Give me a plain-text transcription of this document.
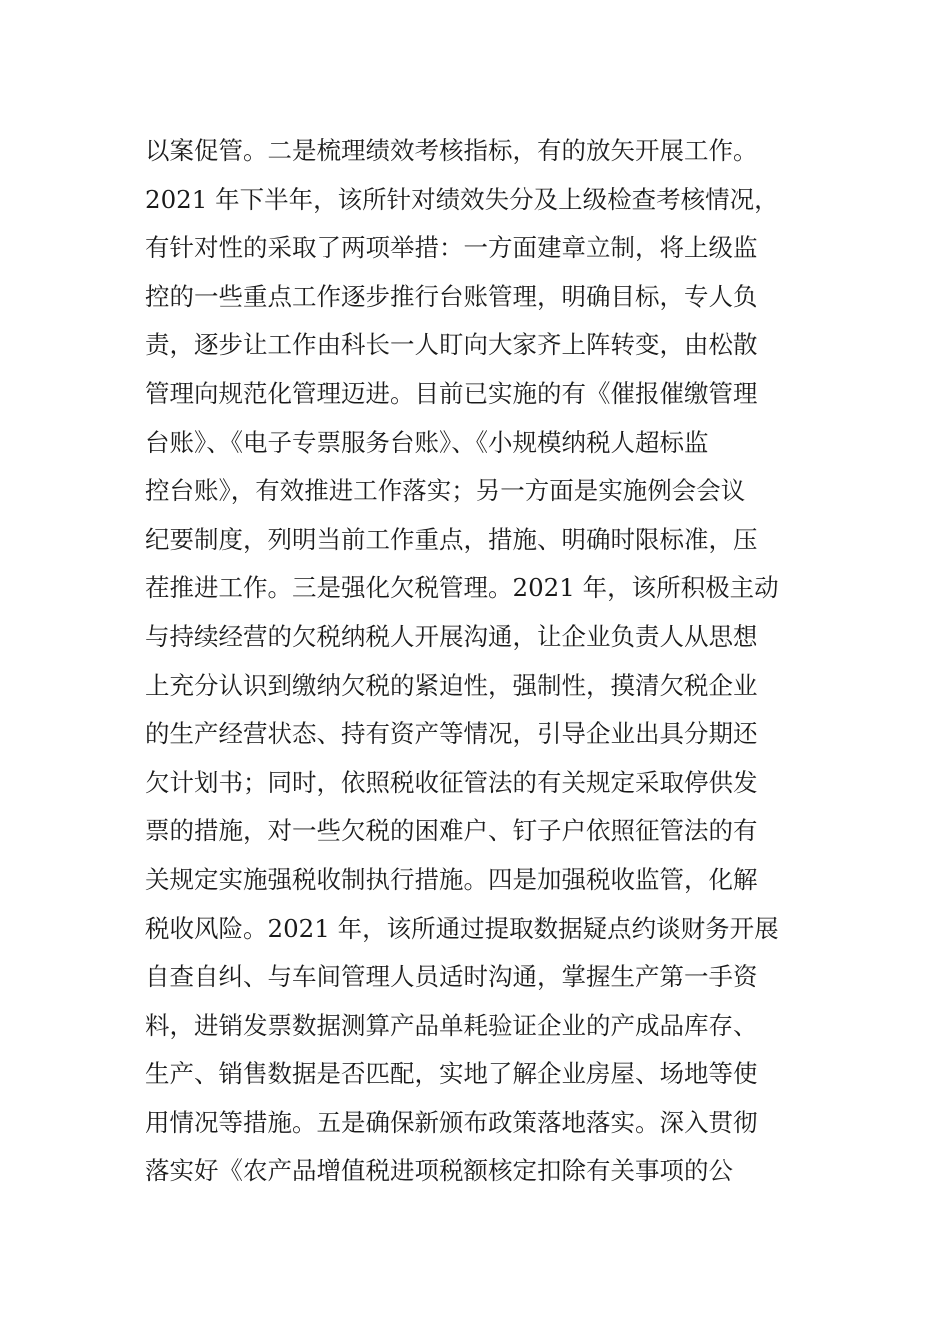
以案促管。二是梳理绩效考核指标，有的放矢开展工作。
2021 年下半年，该所针对绩效失分及上级检查考核情况，
有针对性的采取了两项举措：一方面建章立制，将上级监
控的一些重点工作逐步推行台账管理，明确目标，专人负
责，逐步让工作由科长一人盯向大家齐上阵转变，由松散
管理向规范化管理迈进。目前已实施的有《催报催缴管理
台账》、《电子专票服务台账》、《小规模纳税人超标监
控台账》，有效推进工作落实；另一方面是实施例会会议
纪要制度，列明当前工作重点，措施、明确时限标准，压
茬推进工作。三是强化欠税管理。2021 年，该所积极主动
与持续经营的欠税纳税人开展沟通，让企业负责人从思想
上充分认识到缴纳欠税的紧迫性，强制性，摸清欠税企业
的生产经营状态、持有资产等情况，引导企业出具分期还
欠计划书；同时，依照税收征管法的有关规定采取停供发
票的措施，对一些欠税的困难户、钉子户依照征管法的有
关规定实施强税收制执行措施。四是加强税收监管，化解
税收风险。2021 年，该所通过提取数据疑点约谈财务开展
自查自纠、与车间管理人员适时沟通，掌握生产第一手资
料，进销发票数据测算产品单耗验证企业的产成品库存、
生产、销售数据是否匹配，实地了解企业房屋、场地等使
用情况等措施。五是确保新颁布政策落地落实。深入贯彻
落实好《农产品增值税进项税额核定扣除有关事项的公
